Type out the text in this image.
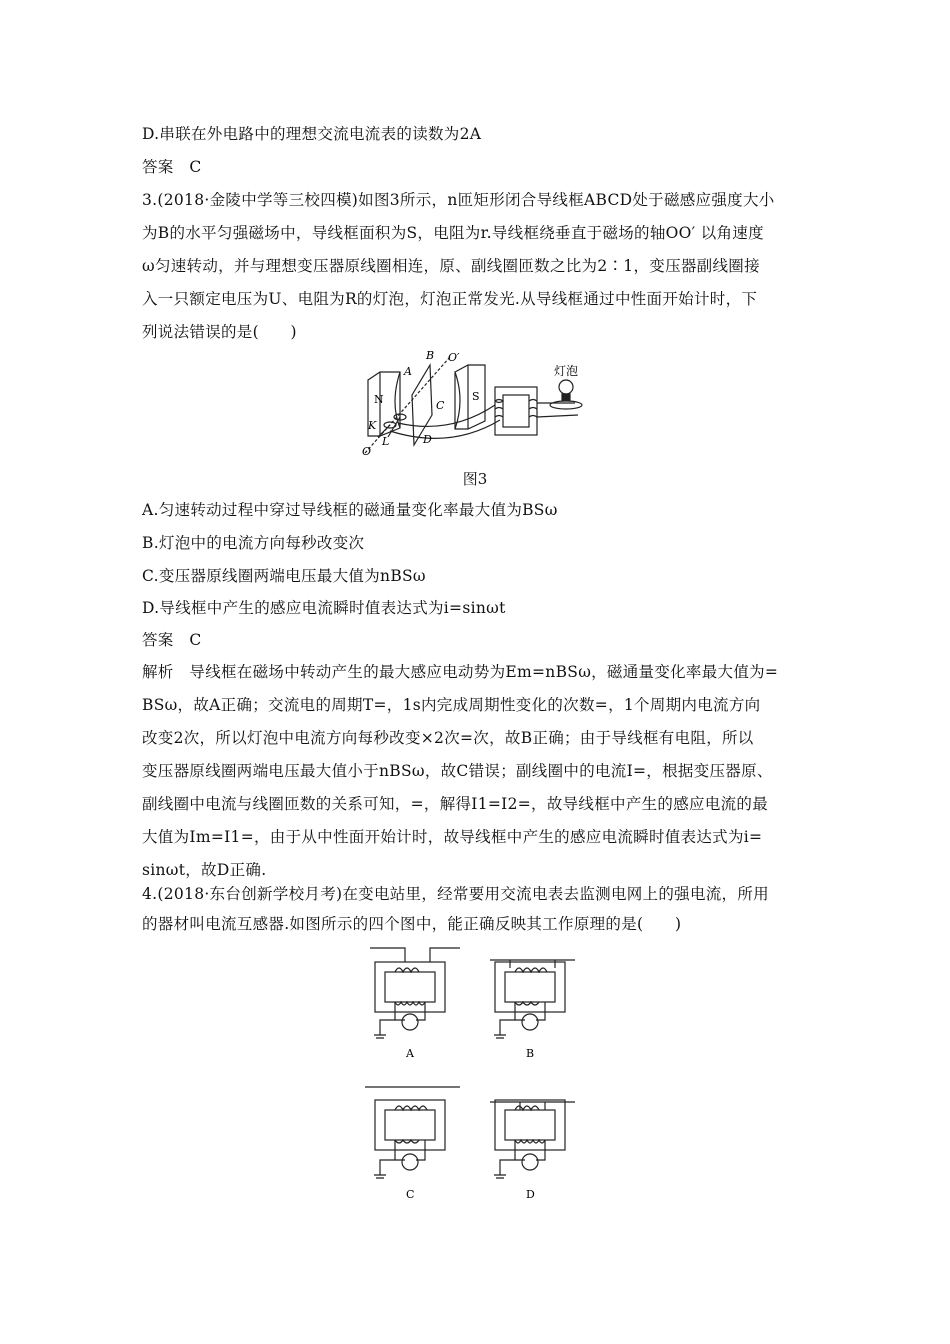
D.串联在外电路中的理想交流电流表的读数为2A
答案　C
3.(2018·金陵中学等三校四模)如图3所示，n匝矩形闭合导线框ABCD处于磁感应强度大小
为B的水平匀强磁场中，导线框面积为S，电阻为r.导线框绕垂直于磁场的轴OO′ 以角速度
ω匀速转动，并与理想变压器原线圈相连，原、副线圈匝数之比为2∶1，变压器副线圈接
入一只额定电压为U、电阻为R的灯泡，灯泡正常发光.从导线框通过中性面开始计时，下
列说法错误的是(　　)
N	S
A
B
C
D
O′
K
L
O
灯泡
图3
A.匀速转动过程中穿过导线框的磁通量变化率最大值为BSω
B.灯泡中的电流方向每秒改变次
C.变压器原线圈两端电压最大值为nBSω
D.导线框中产生的感应电流瞬时值表达式为i=sinωt
答案　C
解析　导线框在磁场中转动产生的最大感应电动势为Em=nBSω，磁通量变化率最大值为=
BSω，故A正确；交流电的周期T=，1s内完成周期性变化的次数=，1个周期内电流方向
改变2次，所以灯泡中电流方向每秒改变×2次=次，故B正确；由于导线框有电阻，所以
变压器原线圈两端电压最大值小于nBSω，故C错误；副线圈中的电流I=，根据变压器原、
副线圈中电流与线圈匝数的关系可知，=，解得I1=I2=，故导线框中产生的感应电流的最
大值为Im=I1=，由于从中性面开始计时，故导线框中产生的感应电流瞬时值表达式为i=
sinωt，故D正确.
4.(2018·东台创新学校月考)在变电站里，经常要用交流电表去监测电网上的强电流，所用
的器材叫电流互感器.如图所示的四个图中，能正确反映其工作原理的是(　　)
A	B
C	D
